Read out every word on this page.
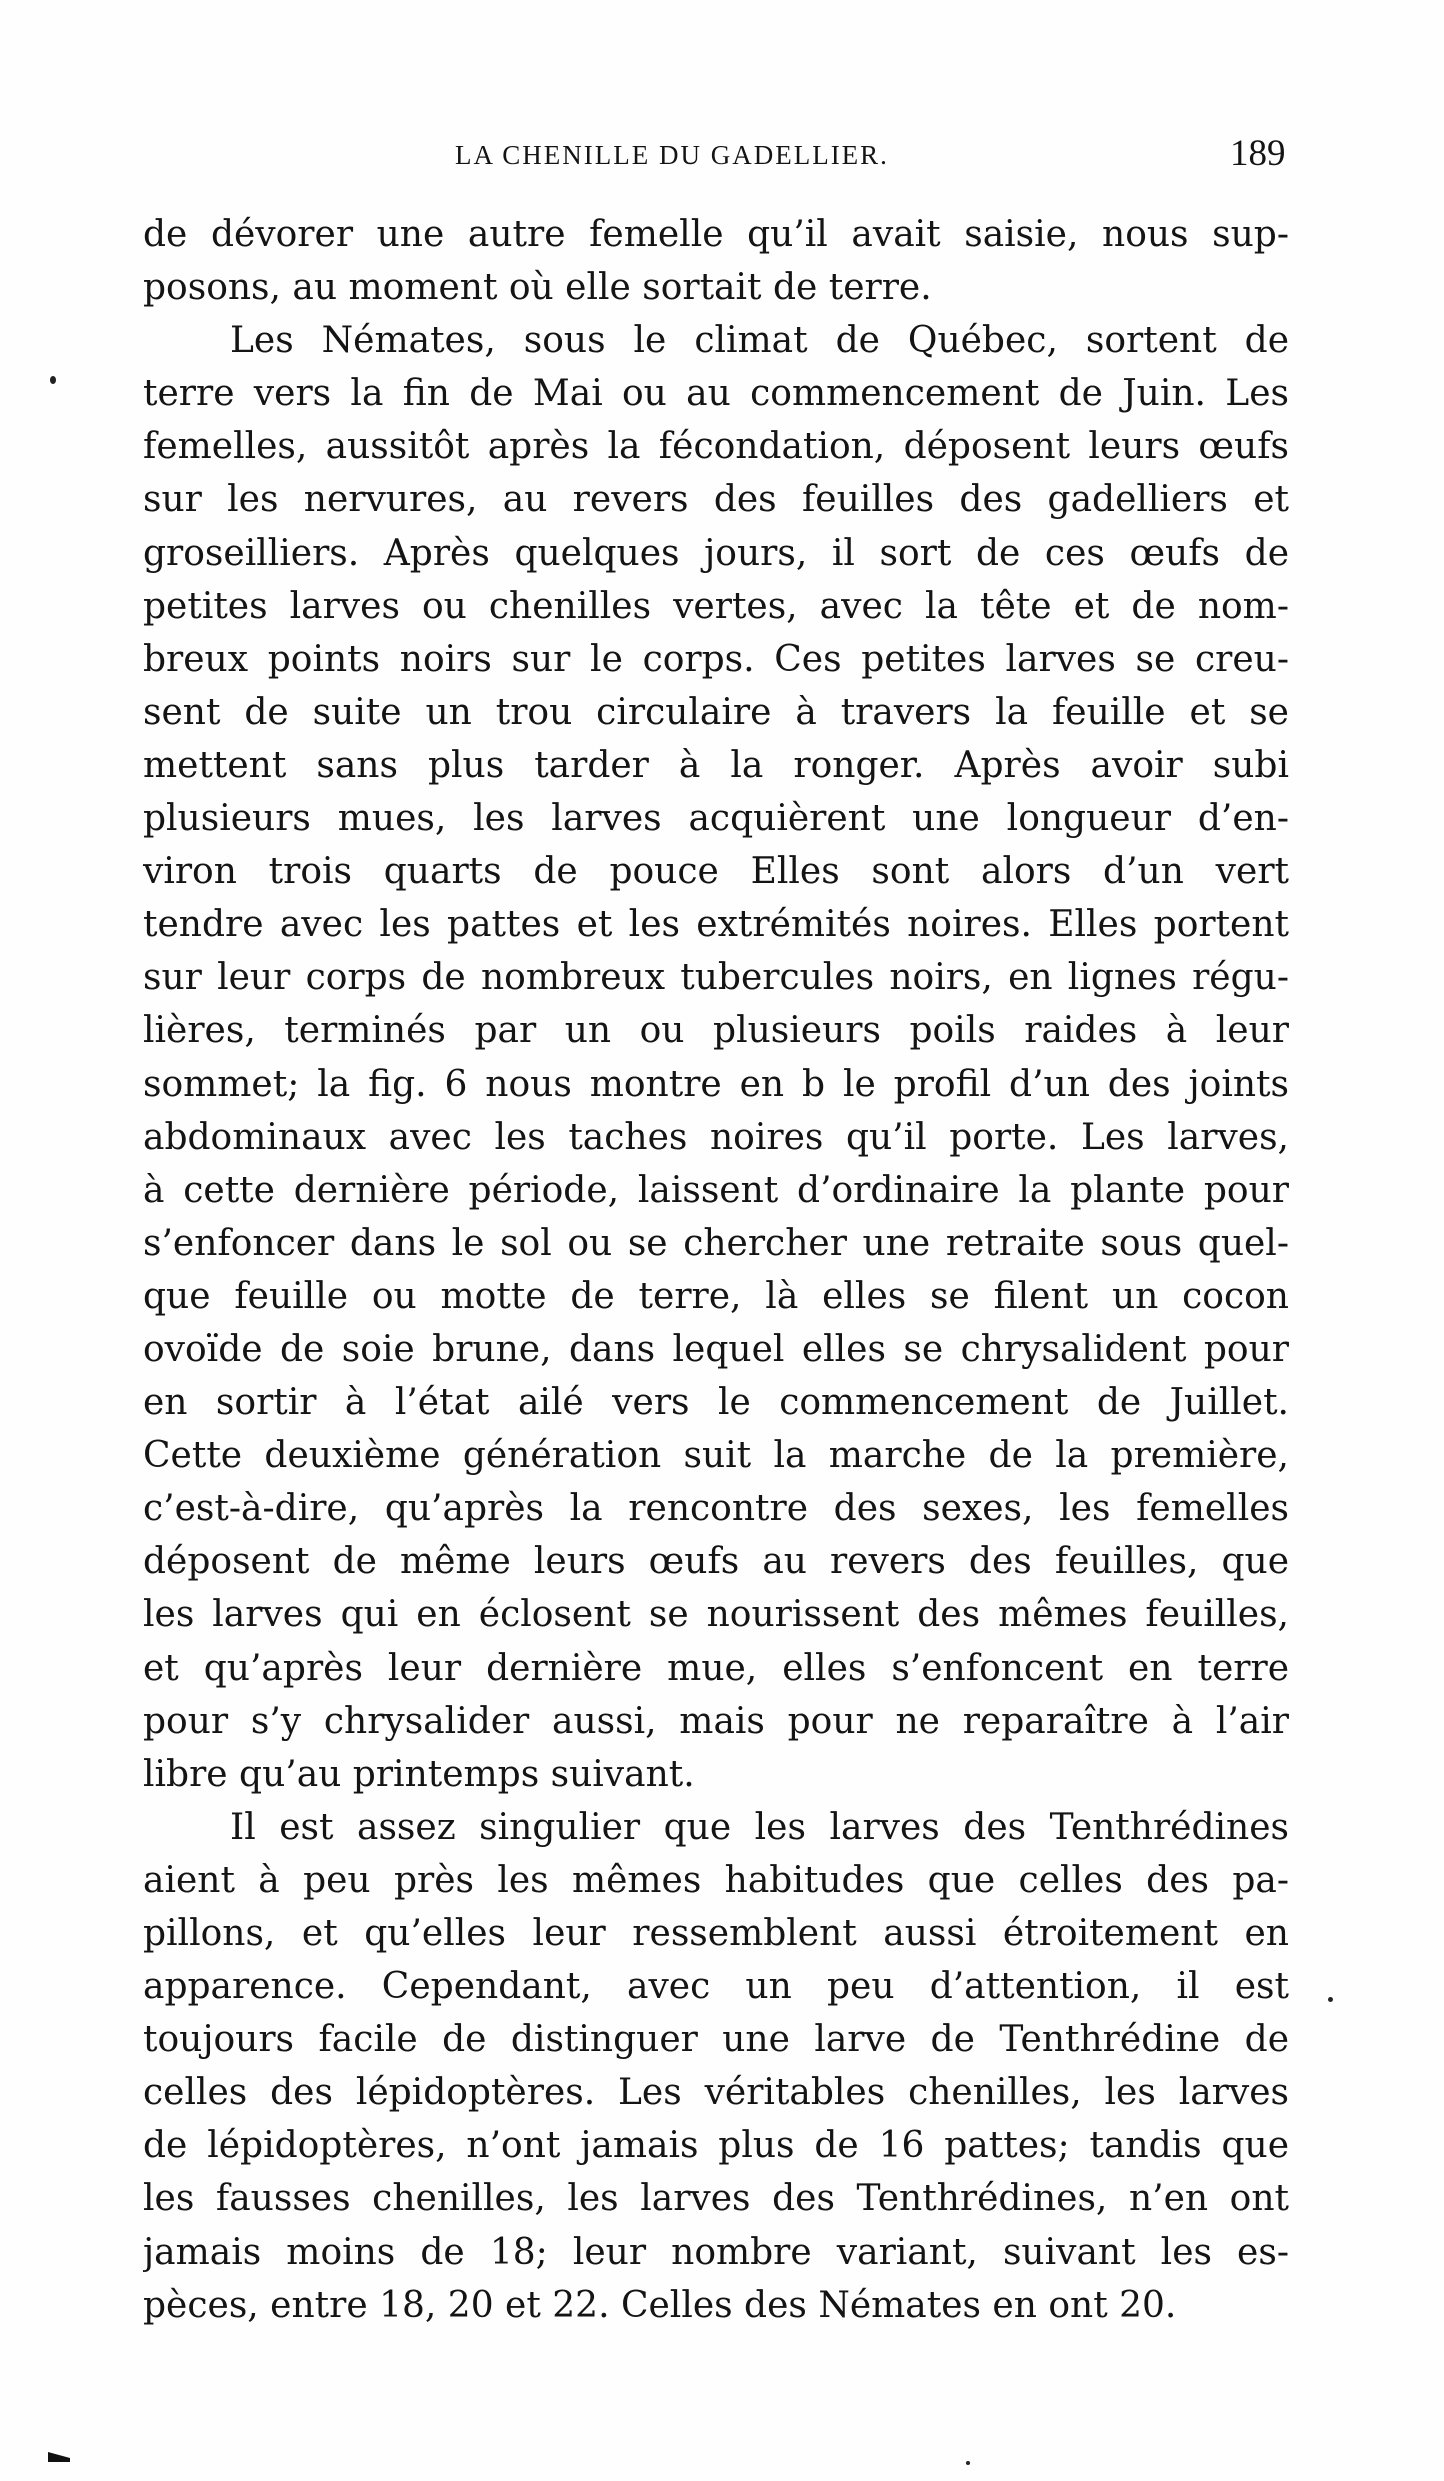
LA CHENILLE DU GADELLIER.	189
de dévorer une autre femelle qu’il avait saisie, nous sup-
posons, au moment où elle sortait de terre.
Les Némates, sous le climat de Québec, sortent de
terre vers la fin de Mai ou au commencement de Juin. Les
femelles, aussitôt après la fécondation, déposent leurs œufs
sur les nervures, au revers des feuilles des gadelliers et
groseilliers. Après quelques jours, il sort de ces œufs de
petites larves ou chenilles vertes, avec la tête et de nom-
breux points noirs sur le corps. Ces petites larves se creu-
sent de suite un trou circulaire à travers la feuille et se
mettent sans plus tarder à la ronger. Après avoir subi
plusieurs mues, les larves acquièrent une longueur d’en-
viron trois quarts de pouce Elles sont alors d’un vert
tendre avec les pattes et les extrémités noires. Elles portent
sur leur corps de nombreux tubercules noirs, en lignes régu-
lières, terminés par un ou plusieurs poils raides à leur
sommet; la fig. 6 nous montre en b le profil d’un des joints
abdominaux avec les taches noires qu’il porte. Les larves,
à cette dernière période, laissent d’ordinaire la plante pour
s’enfoncer dans le sol ou se chercher une retraite sous quel-
que feuille ou motte de terre, là elles se filent un cocon
ovoïde de soie brune, dans lequel elles se chrysalident pour
en sortir à l’état ailé vers le commencement de Juillet.
Cette deuxième génération suit la marche de la première,
c’est-à-dire, qu’après la rencontre des sexes, les femelles
déposent de même leurs œufs au revers des feuilles, que
les larves qui en éclosent se nourissent des mêmes feuilles,
et qu’après leur dernière mue, elles s’enfoncent en terre
pour s’y chrysalider aussi, mais pour ne reparaître à l’air
libre qu’au printemps suivant.
Il est assez singulier que les larves des Tenthrédines
aient à peu près les mêmes habitudes que celles des pa-
pillons, et qu’elles leur ressemblent aussi étroitement en
apparence. Cependant, avec un peu d’attention, il est
toujours facile de distinguer une larve de Tenthrédine de
celles des lépidoptères. Les véritables chenilles, les larves
de lépidoptères, n’ont jamais plus de 16 pattes; tandis que
les fausses chenilles, les larves des Tenthrédines, n’en ont
jamais moins de 18; leur nombre variant, suivant les es-
pèces, entre 18, 20 et 22. Celles des Némates en ont 20.
